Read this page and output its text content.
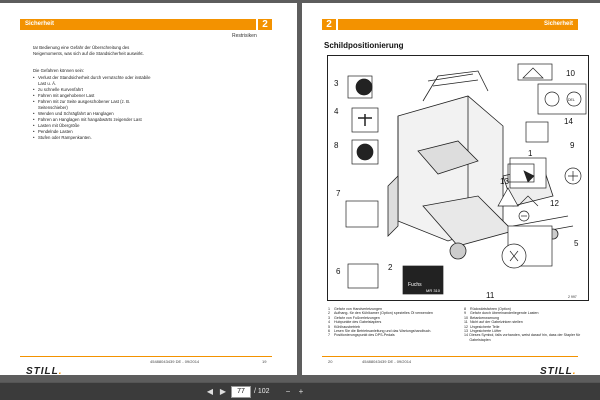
Sicherheit	2
Restrisiken
tar Bedienung eine Gefahr der Überschreitung des Neigemoments, was sich auf die Standsicherheit auswirkt.
Die Gefahren können sein:
• Verlust der Standsicherheit durch verrutschte oder instabile Last u. Ä.
• zu schnelle Kurvenfahrt
• Fahren mit angehobener Last
• Fahren mit zur Seite ausgeschobener Last (z. B. Seitenschieber)
• Wenden und Schrägfahrt an Hanglagen
• Fahren an Hanglagen mit hangabwärts zeigender Last
• Lasten mit Übergröße
• Pendelnde Lasten
• Stufen oder Rampenkanten.
45488043439 DE - 09/2014	19
STILL.
2	Sicherheit
Schildpositionierung
Fuchs
MR 310
DEL
2 997
3
4
8
7
6	2
9
10
14
12
13
11
5
1
1	Gefahr von Handverletzungen
2	Aufhang- für den Kühlkamer (Option) spezielles Öl verwenden
3	Gefahr von Fußverletzungen
4	Hubpunkte des Gabelstaplers
5	Kühlhausbetrieb
6	Lesen Sie die Betriebsanleitung und das Wartungshandbuch.
7	Positionierungspunkt des DPS-Pedals
8	Rückwärtsfahren (Option)
9	Gefahr durch übereinanderliegende Lasten
10 Betankenwarnung
11 Nicht auf der Gabelzinken stellen
12 Ungesicherte Teile
13 Ungesicherte Lüfter
14 Dieses Symbol, falls vorhanden, weist darauf hin, dass der Stapler für Gabelstaplen
20	45488043439 DE - 09/2014
STILL.
◀ ▶	77	/ 102	−	+
